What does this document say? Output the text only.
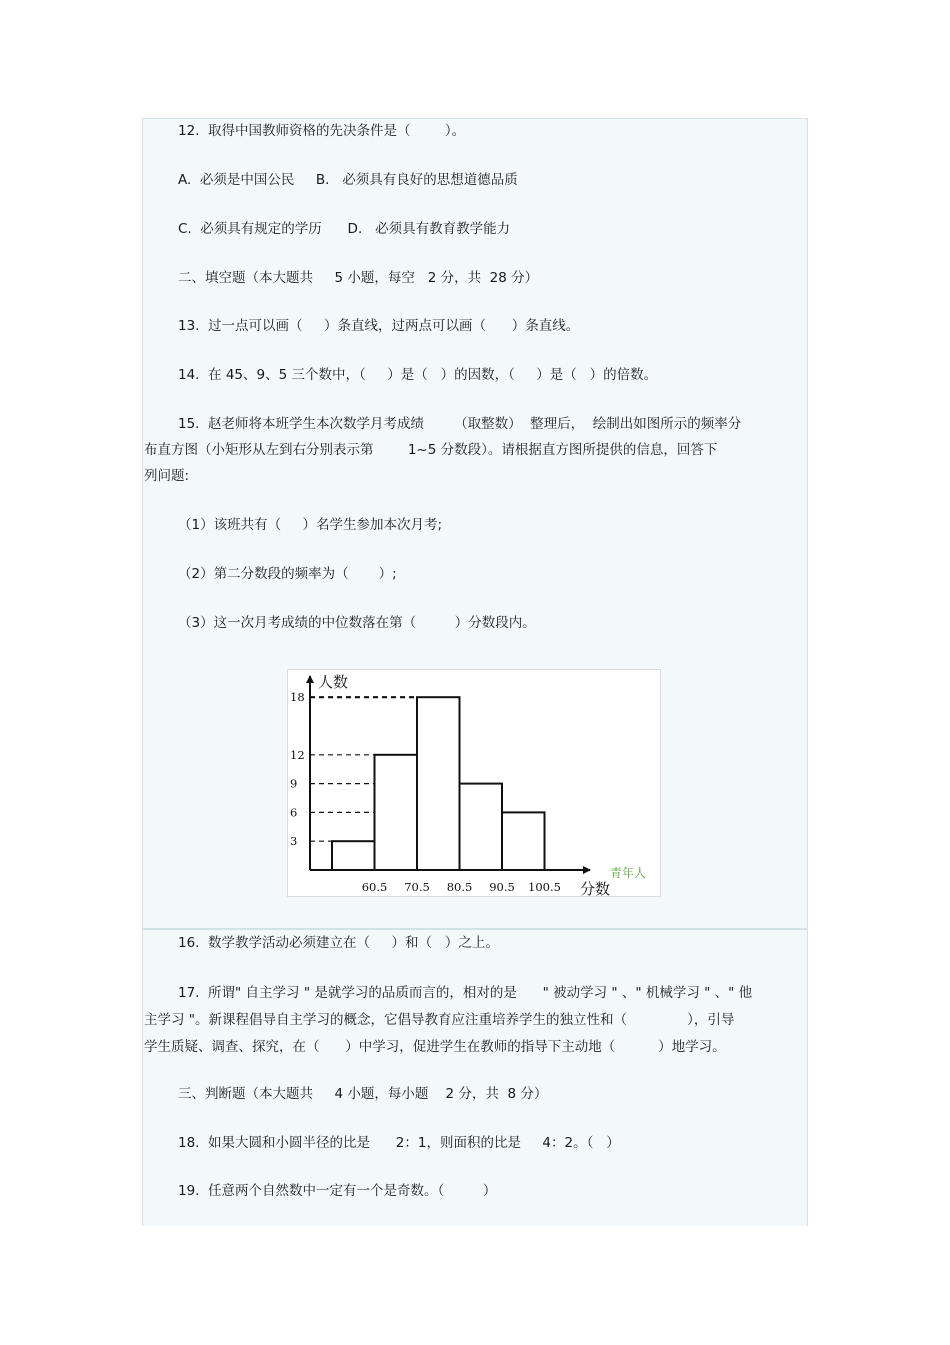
12.  取得中国教师资格的先决条件是（        ）。
A.  必须是中国公民     B.   必须具有良好的思想道德品质
C.  必须具有规定的学历      D.   必须具有教育教学能力
二、填空题（本大题共     5 小题，每空   2 分，共  28 分）
13.  过一点可以画（     ）条直线，过两点可以画（      ）条直线。
14.  在 45、9、5 三个数中，（     ）是（   ）的因数，（     ）是（   ）的倍数。
15.  赵老师将本班学生本次数学月考成绩       （取整数）  整理后，  绘制出如图所示的频率分
布直方图（小矩形从左到右分别表示第        1~5 分数段）。请根据直方图所提供的信息，回答下
列问题:
（1）该班共有（     ）名学生参加本次月考;
（2）第二分数段的频率为（       ）;
（3）这一次月考成绩的中位数落在第（         ）分数段内。
人数
分数
3
6
9
12
18
60.5 70.5 80.5 90.5 100.5
青年人
16.  数学教学活动必须建立在（     ）和（   ）之上。
17.  所谓" 自主学习 " 是就学习的品质而言的，相对的是      " 被动学习 " 、" 机械学习 " 、" 他
主学习 "。新课程倡导自主学习的概念，它倡导教育应注重培养学生的独立性和（              ），引导
学生质疑、调查、探究，在（      ）中学习，促进学生在教师的指导下主动地（          ）地学习。
三、判断题（本大题共     4 小题，每小题    2 分，共  8 分）
18.  如果大圆和小圆半径的比是      2：1，则面积的比是     4：2。（   ）
19.  任意两个自然数中一定有一个是奇数。（         ）
